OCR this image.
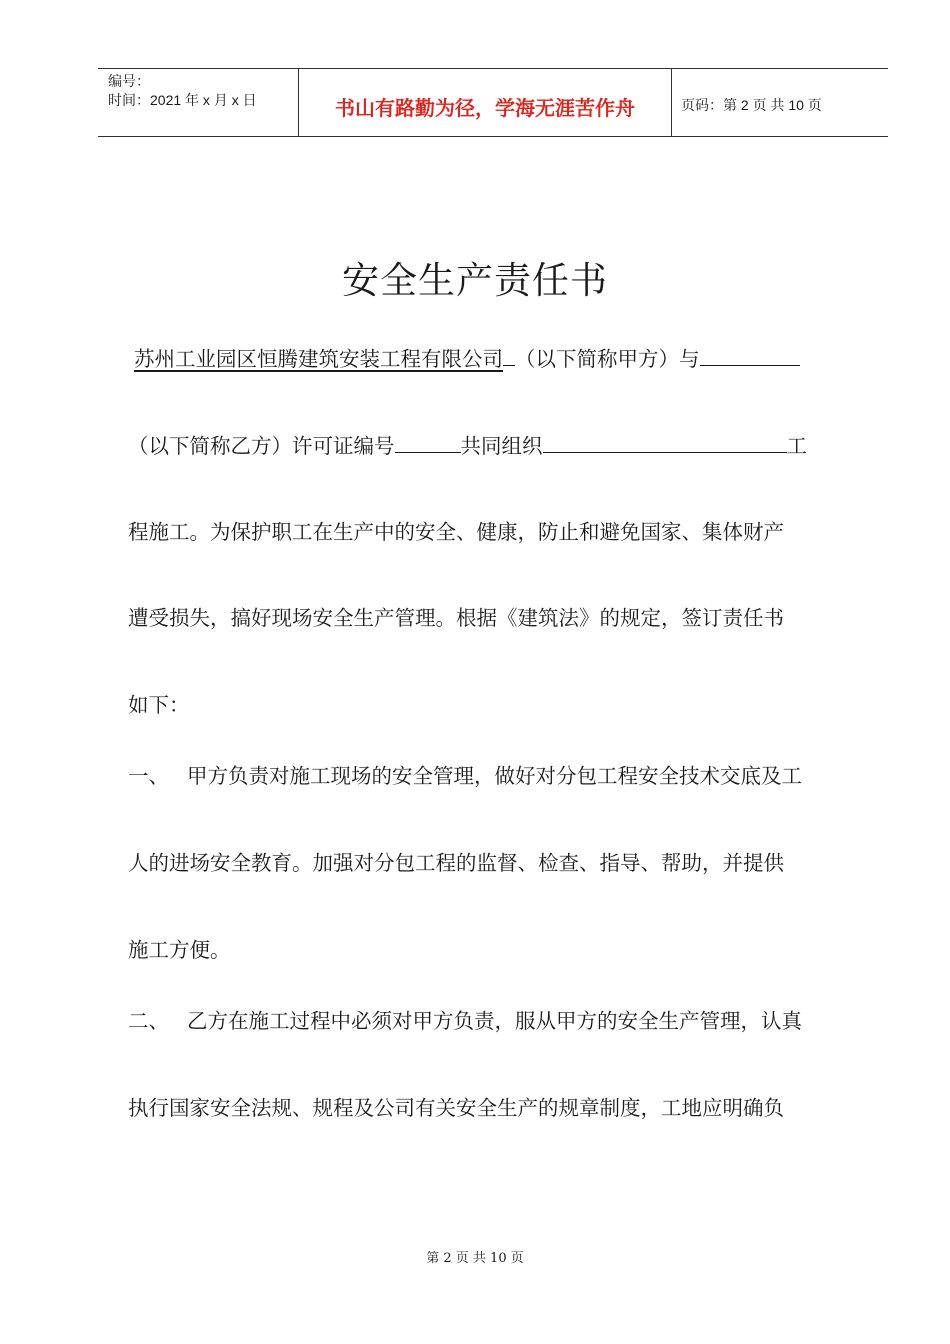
编号：
时间：2021 年 x 月 x 日	书山有路勤为径，学海无涯苦作舟	页码：第 2 页 共 10 页
安全生产责任书
苏州工业园区恒腾建筑安装工程有限公司 （以下简称甲方）与
（以下简称乙方）许可证编号	共同组织	工
程施工。为保护职工在生产中的安全、健康，防止和避免国家、集体财产
遭受损失，搞好现场安全生产管理。根据《建筑法》的规定，签订责任书
如下：
一、 甲方负责对施工现场的安全管理，做好对分包工程安全技术交底及工
人的进场安全教育。加强对分包工程的监督、检查、指导、帮助，并提供
施工方便。
二、 乙方在施工过程中必须对甲方负责，服从甲方的安全生产管理，认真
执行国家安全法规、规程及公司有关安全生产的规章制度，工地应明确负
第 2 页 共 10 页
